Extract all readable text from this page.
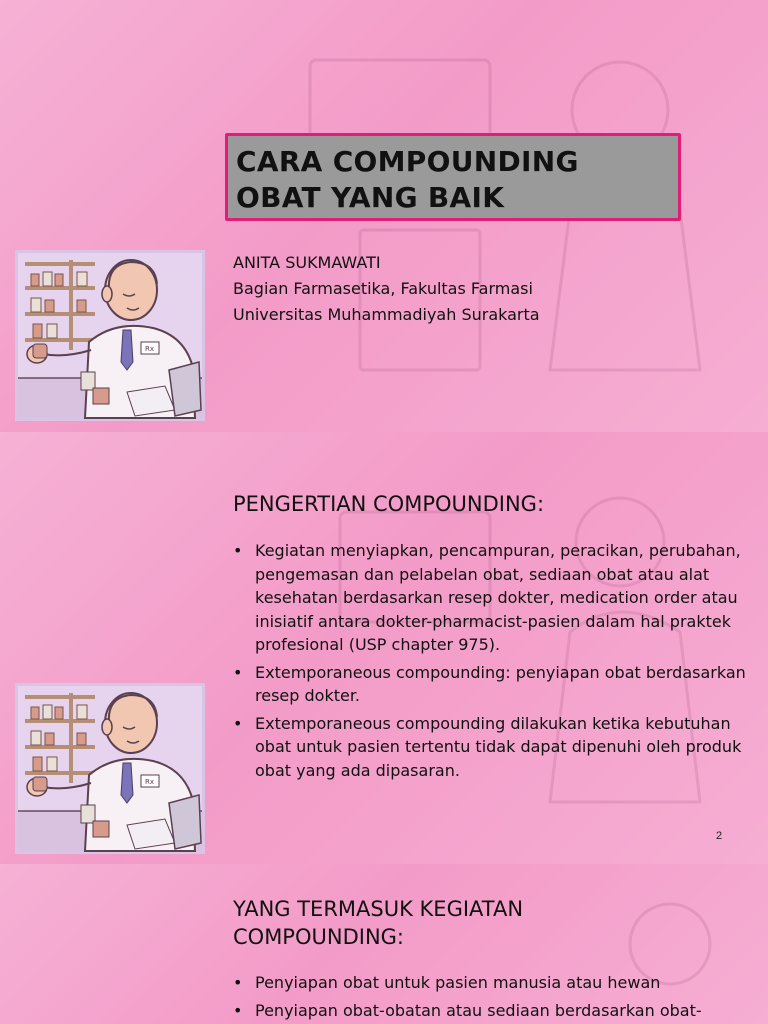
CARA COMPOUNDING
OBAT YANG BAIK
ANITA SUKMAWATI
Bagian Farmasetika, Fakultas Farmasi
Universitas Muhammadiyah Surakarta
PENGERTIAN COMPOUNDING:
• Kegiatan menyiapkan, pencampuran, peracikan, perubahan, pengemasan dan pelabelan obat, sediaan obat atau alat kesehatan berdasarkan resep dokter, medication order atau inisiatif antara dokter-pharmacist-pasien dalam hal praktek profesional (USP chapter 975).
• Extemporaneous compounding: penyiapan obat berdasarkan resep dokter.
• Extemporaneous compounding dilakukan ketika kebutuhan obat untuk pasien tertentu tidak dapat dipenuhi oleh produk obat yang ada dipasaran.
2
YANG TERMASUK KEGIATAN
COMPOUNDING:
• Penyiapan obat untuk pasien manusia atau hewan
• Penyiapan obat-obatan atau sediaan berdasarkan obat-
